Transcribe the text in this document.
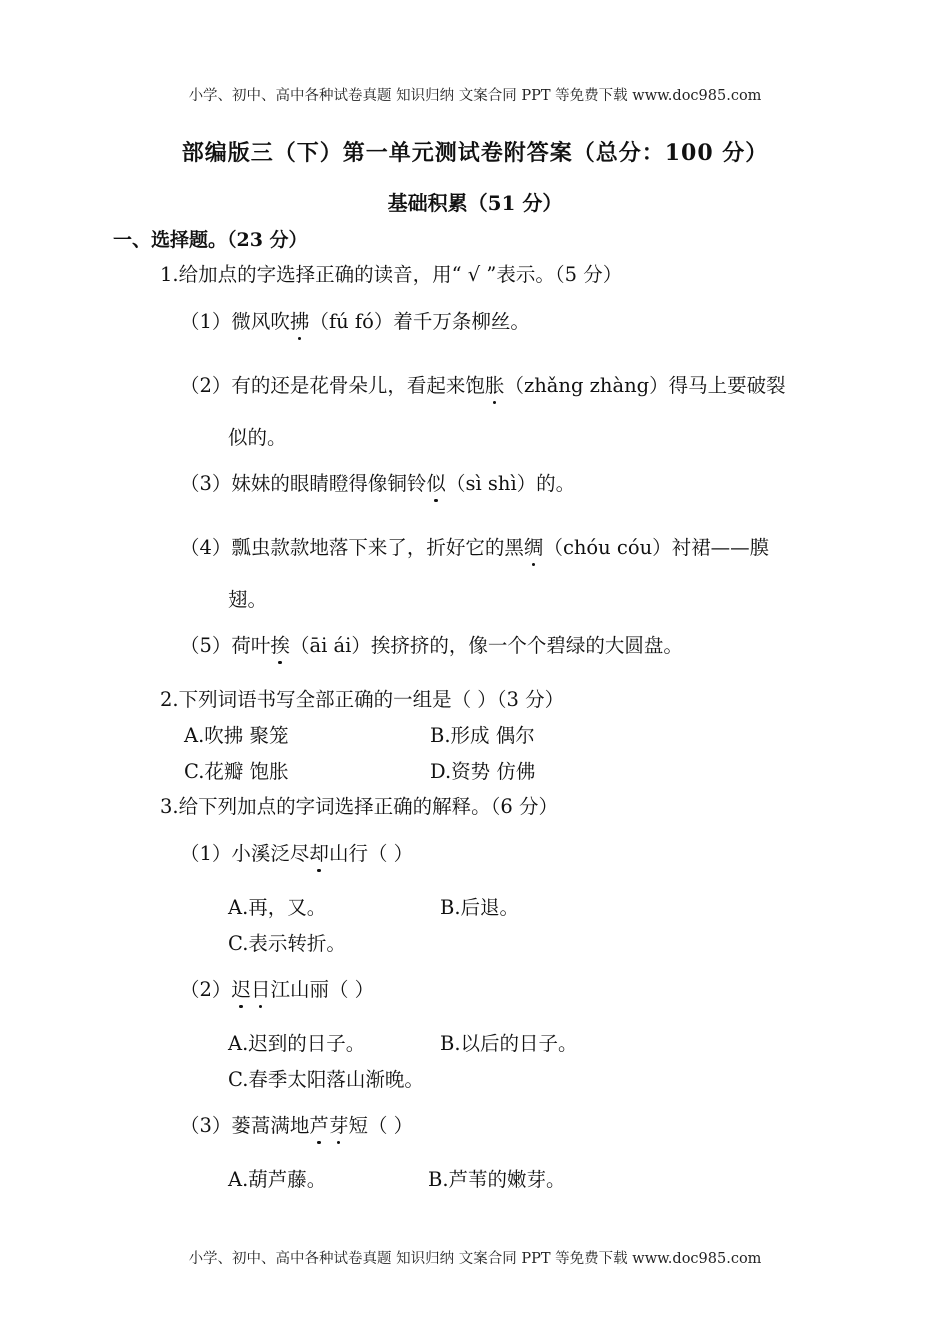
小学、初中、高中各种试卷真题 知识归纳 文案合同 PPT 等免费下载 www.doc985.com
部编版三（下）第一单元测试卷附答案（总分：100 分）
基础积累（51 分）
一、选择题。（23 分）
1.给加点的字选择正确的读音，用“ √ ”表示。（5 分）
（1）微风吹拂（fú fó）着千万条柳丝。
（2）有的还是花骨朵儿，看起来饱胀（zhǎng zhàng）得马上要破裂
似的。
（3）妹妹的眼睛瞪得像铜铃似（sì shì）的。
（4）瓢虫款款地落下来了，折好它的黑绸（chóu cóu）衬裙——膜
翅。
（5）荷叶挨（āi ái）挨挤挤的，像一个个碧绿的大圆盘。
2.下列词语书写全部正确的一组是（ ）（3 分）
A.吹拂 聚笼	B.形成 偶尔
C.花瓣 饱胀	D.资势 仿佛
3.给下列加点的字词选择正确的解释。（6 分）
（1）小溪泛尽却山行（ ）
A.再，又。	B.后退。
C.表示转折。
（2）迟日江山丽（ ）
A.迟到的日子。	B.以后的日子。
C.春季太阳落山渐晚。
（3）蒌蒿满地芦芽短（ ）
A.葫芦藤。	B.芦苇的嫩芽。
小学、初中、高中各种试卷真题 知识归纳 文案合同 PPT 等免费下载 www.doc985.com
